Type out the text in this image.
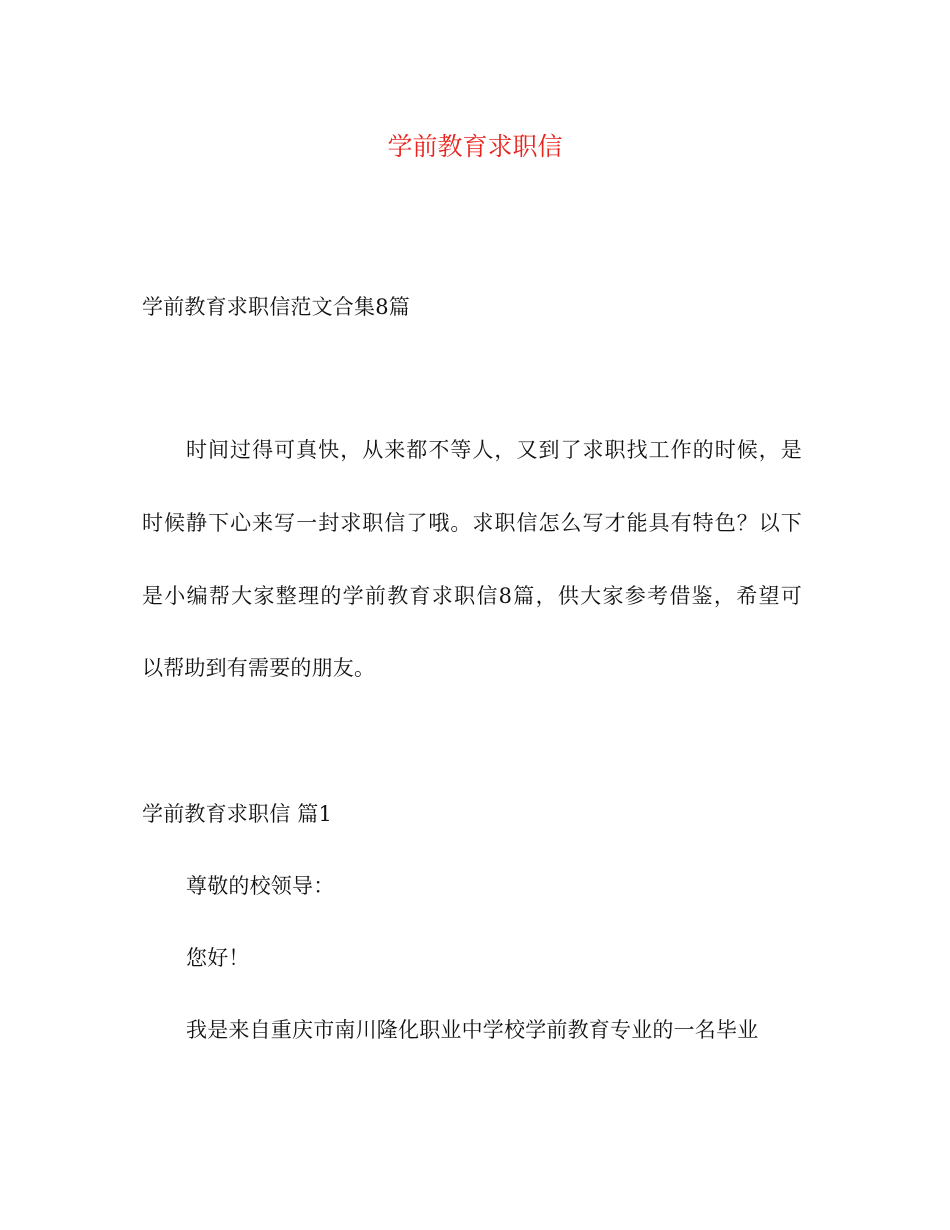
学前教育求职信
学前教育求职信范文合集8篇
时间过得可真快，从来都不等人，又到了求职找工作的时候，是
时候静下心来写一封求职信了哦。求职信怎么写才能具有特色？以下
是小编帮大家整理的学前教育求职信8篇，供大家参考借鉴，希望可
以帮助到有需要的朋友。
学前教育求职信 篇1
尊敬的校领导：
您好！
我是来自重庆市南川隆化职业中学校学前教育专业的一名毕业
